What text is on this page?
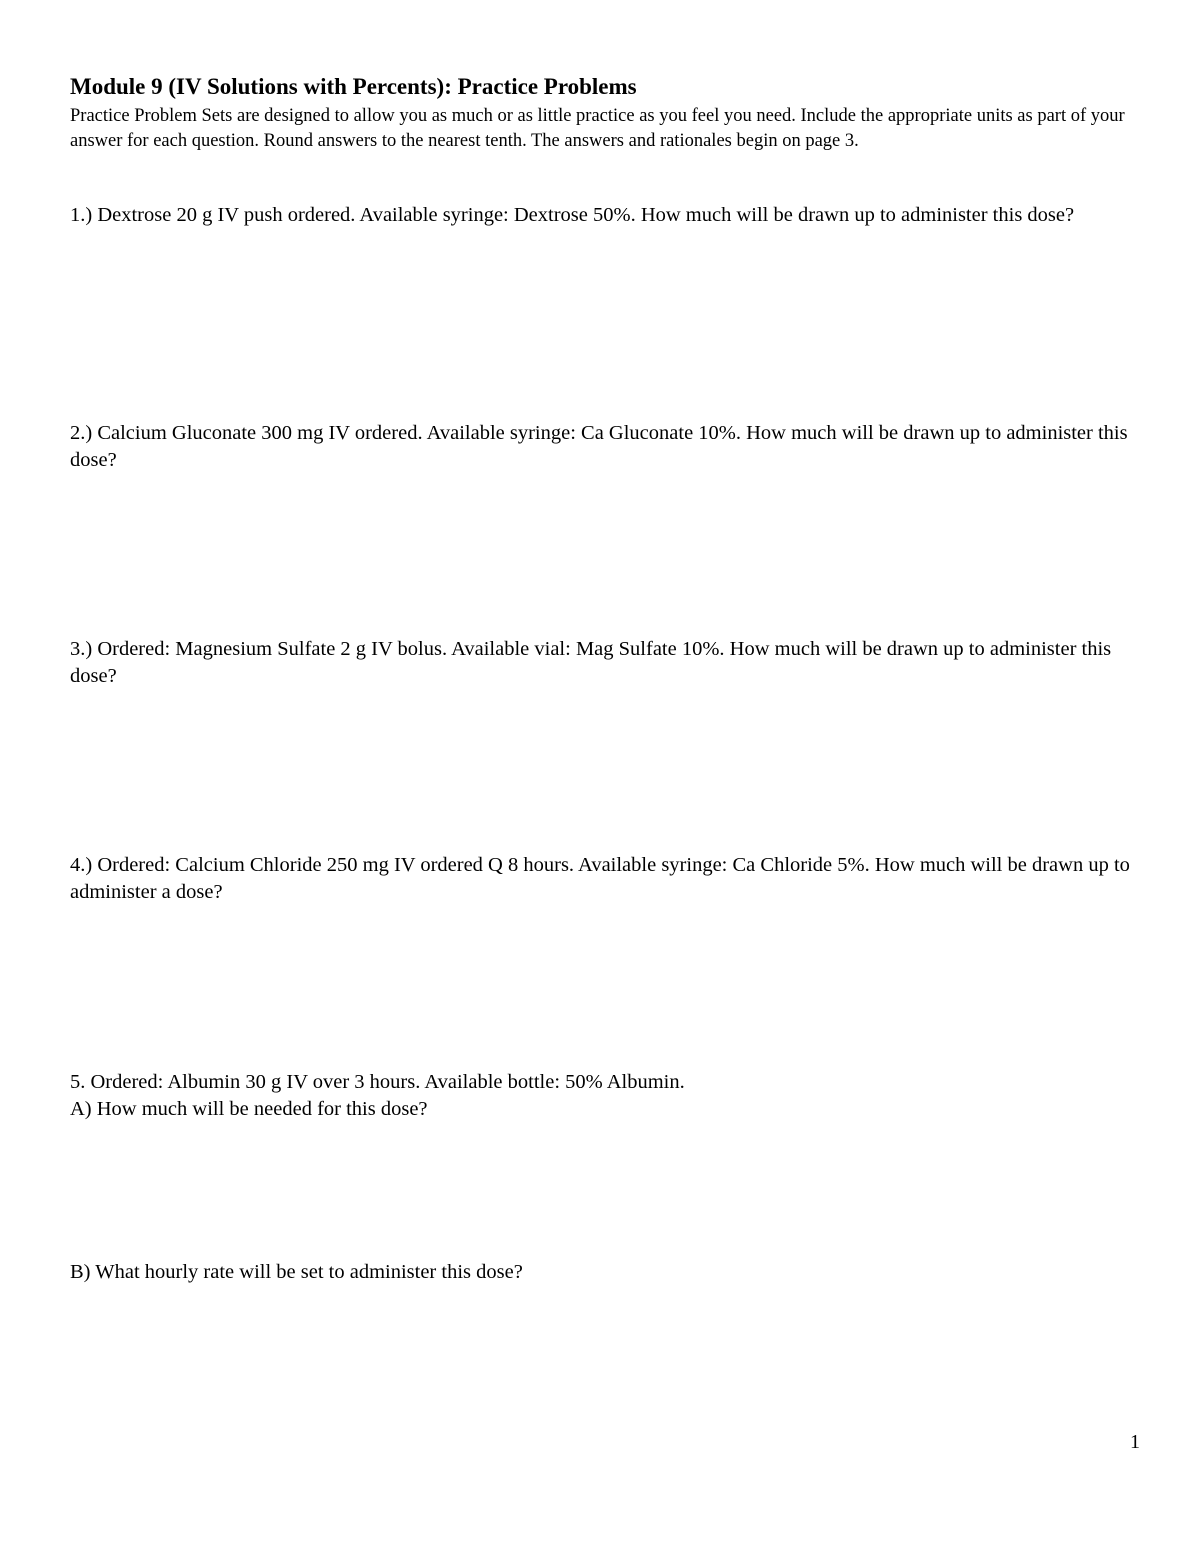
Module 9 (IV Solutions with Percents): Practice Problems
Practice Problem Sets are designed to allow you as much or as little practice as you feel you need. Include the appropriate units as part of your answer for each question. Round answers to the nearest tenth. The answers and rationales begin on page 3.
1.) Dextrose 20 g IV push ordered. Available syringe: Dextrose 50%. How much will be drawn up to administer this dose?
2.) Calcium Gluconate 300 mg IV ordered. Available syringe: Ca Gluconate 10%. How much will be drawn up to administer this dose?
3.) Ordered: Magnesium Sulfate 2 g IV bolus. Available vial: Mag Sulfate 10%. How much will be drawn up to administer this dose?
4.) Ordered: Calcium Chloride 250 mg IV ordered Q 8 hours. Available syringe: Ca Chloride 5%. How much will be drawn up to administer a dose?
5. Ordered: Albumin 30 g IV over 3 hours. Available bottle: 50% Albumin.
A) How much will be needed for this dose?
B) What hourly rate will be set to administer this dose?
1
